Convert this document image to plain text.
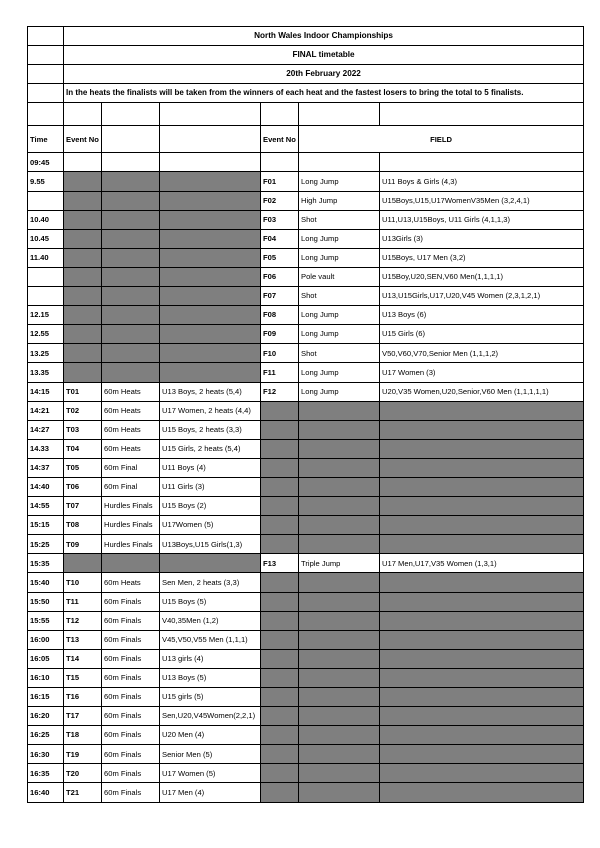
	North Wales Indoor Championships					
	FINAL timetable					
	20th February 2022					
	In the heats the finalists will be taken from the winners of each heat and the fastest losers to bring the total to 5 finalists.					

Time	Event No			Event No	FIELD	
09:45						
9.55				F01	Long Jump	U11 Boys & Girls (4,3)
				F02	High Jump	U15Boys,U15,U17WomenV35Men (3,2,4,1)
10.40				F03	Shot	U11,U13,U15Boys, U11 Girls (4,1,1,3)
10.45				F04	Long Jump	U13Girls (3)
11.40				F05	Long Jump	U15Boys, U17 Men (3,2)
				F06	Pole vault	U15Boy,U20,SEN,V60 Men(1,1,1,1)
				F07	Shot	U13,U15Girls,U17,U20,V45 Women (2,3,1,2,1)
12.15				F08	Long Jump	U13 Boys (6)
12.55				F09	Long Jump	U15 Girls (6)
13.25				F10	Shot	V50,V60,V70,Senior Men (1,1,1,2)
13.35				F11	Long Jump	U17 Women (3)
14:15	T01	60m Heats	U13 Boys, 2 heats (5,4)	F12	Long Jump	U20,V35 Women,U20,Senior,V60 Men (1,1,1,1,1)
14:21	T02	60m Heats	U17 Women, 2 heats (4,4)			
14:27	T03	60m Heats	U15 Boys, 2 heats (3,3)			
14.33	T04	60m Heats	U15 Girls, 2 heats (5,4)			
14:37	T05	60m Final	U11 Boys (4)			
14:40	T06	60m Final	U11 Girls (3)			
14:55	T07	Hurdles Finals	U15 Boys (2)			
15:15	T08	Hurdles Finals	U17Women (5)			
15:25	T09	Hurdles Finals	U13Boys,U15 Girls(1,3)			
15:35				F13	Triple Jump	U17 Men,U17,V35 Women (1,3,1)
15:40	T10	60m Heats	Sen Men, 2 heats (3,3)			
15:50	T11	60m Finals	U15 Boys (5)			
15:55	T12	60m Finals	V40,35Men (1,2)			
16:00	T13	60m Finals	V45,V50,V55 Men (1,1,1)			
16:05	T14	60m Finals	U13 girls (4)			
16:10	T15	60m Finals	U13 Boys (5)			
16:15	T16	60m Finals	U15 girls (5)			
16:20	T17	60m Finals	Sen,U20,V45Women(2,2,1)			
16:25	T18	60m Finals	U20 Men (4)			
16:30	T19	60m Finals	Senior Men (5)			
16:35	T20	60m Finals	U17 Women (5)			
16:40	T21	60m Finals	U17 Men (4)			
